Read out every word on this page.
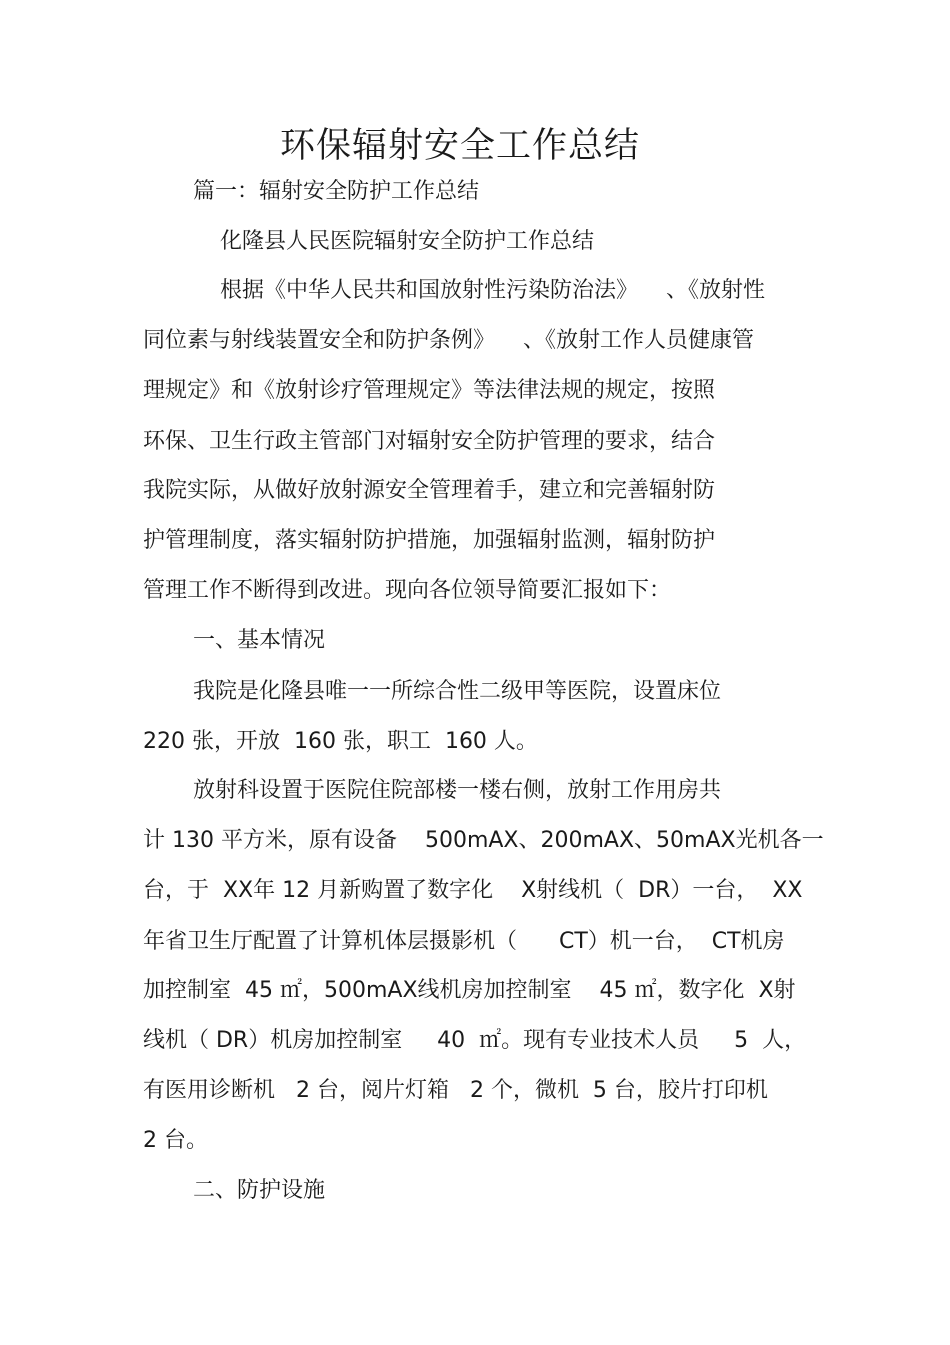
环保辐射安全工作总结
篇一：辐射安全防护工作总结
化隆县人民医院辐射安全防护工作总结
根据《中华人民共和国放射性污染防治法》    、《放射性
同位素与射线装置安全和防护条例》    、《放射工作人员健康管
理规定》和《放射诊疗管理规定》等法律法规的规定，按照
环保、卫生行政主管部门对辐射安全防护管理的要求，结合
我院实际，从做好放射源安全管理着手，建立和完善辐射防
护管理制度，落实辐射防护措施，加强辐射监测，辐射防护
管理工作不断得到改进。现向各位领导简要汇报如下：
一、基本情况
我院是化隆县唯一一所综合性二级甲等医院，设置床位
220 张，开放  160 张，职工  160 人。
放射科设置于医院住院部楼一楼右侧，放射工作用房共
计 130 平方米，原有设备    500mAX、200mAX、50mAX光机各一
台，于  XX年 12 月新购置了数字化    X射线机（  DR）一台，  XX
年省卫生厅配置了计算机体层摄影机（      CT）机一台，  CT机房
加控制室  45 ㎡，500mAX线机房加控制室    45 ㎡，数字化  X射
线机（ DR）机房加控制室     40  ㎡。现有专业技术人员     5  人，
有医用诊断机   2 台，阅片灯箱   2 个，微机  5 台，胶片打印机
2 台。
二、防护设施
